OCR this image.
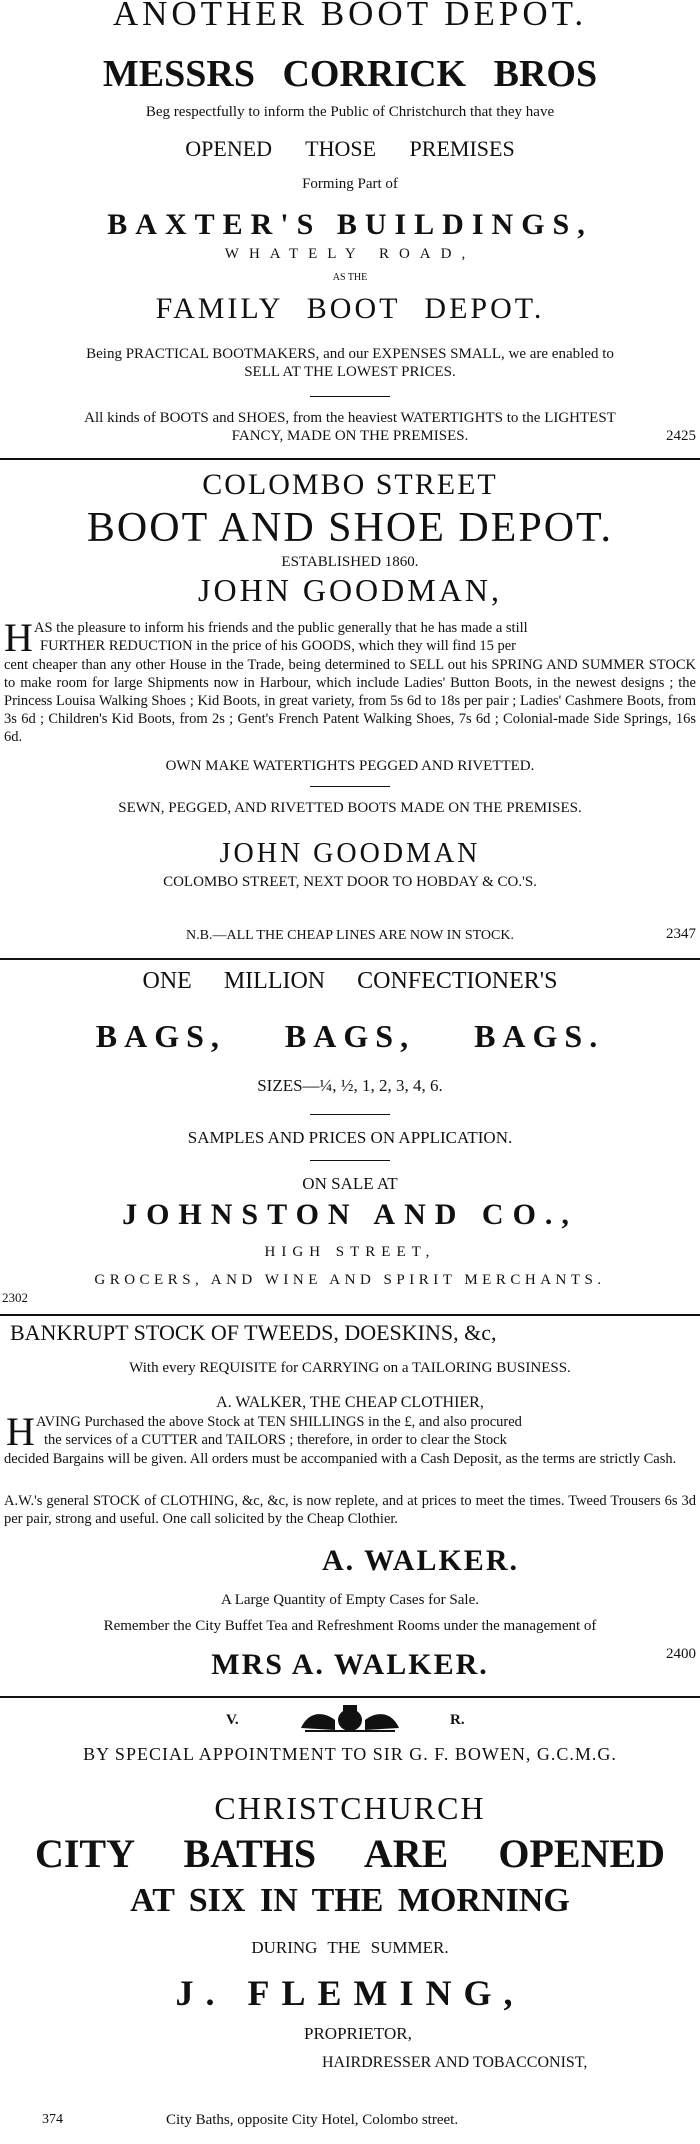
ANOTHER BOOT DEPOT.
MESSRS CORRICK BROS
Beg respectfully to inform the Public of Christchurch that they have
OPENED THOSE PREMISES
Forming Part of
BAXTER'S BUILDINGS,
WHATELY ROAD,
AS THE
FAMILY BOOT DEPOT.
Being PRACTICAL BOOTMAKERS, and our EXPENSES SMALL, we are enabled to
SELL AT THE LOWEST PRICES.
All kinds of BOOTS and SHOES, from the heaviest WATERTIGHTS to the LIGHTEST
FANCY, MADE ON THE PREMISES.	2425
COLOMBO STREET
BOOT AND SHOE DEPOT.
ESTABLISHED 1860.
JOHN GOODMAN,
H AS the pleasure to inform his friends and the public generally that he has made a still
FURTHER REDUCTION in the price of his GOODS, which they will find 15 per
cent cheaper than any other House in the Trade, being determined to SELL out his SPRING AND SUMMER STOCK to make room for large Shipments now in Harbour, which include Ladies' Button Boots, in the newest designs ; the Princess Louisa Walking Shoes ; Kid Boots, in great variety, from 5s 6d to 18s per pair ; Ladies' Cashmere Boots, from 3s 6d ; Children's Kid Boots, from 2s ; Gent's French Patent Walking Shoes, 7s 6d ; Colonial-made Side Springs, 16s 6d.
OWN MAKE WATERTIGHTS PEGGED AND RIVETTED.
SEWN, PEGGED, AND RIVETTED BOOTS MADE ON THE PREMISES.
JOHN GOODMAN
COLOMBO STREET, NEXT DOOR TO HOBDAY & CO.'S.
N.B.—ALL THE CHEAP LINES ARE NOW IN STOCK.	2347
ONE MILLION CONFECTIONER'S
BAGS, BAGS, BAGS.
SIZES—¼, ½, 1, 2, 3, 4, 6.
SAMPLES AND PRICES ON APPLICATION.
ON SALE AT
JOHNSTON AND CO.,
HIGH STREET,
GROCERS, AND WINE AND SPIRIT MERCHANTS.
2302
BANKRUPT STOCK OF TWEEDS, DOESKINS, &c,
With every REQUISITE for CARRYING on a TAILORING BUSINESS.
A. WALKER, THE CHEAP CLOTHIER,
H AVING Purchased the above Stock at TEN SHILLINGS in the £, and also procured
the services of a CUTTER and TAILORS ; therefore, in order to clear the Stock
decided Bargains will be given. All orders must be accompanied with a Cash Deposit, as the terms are strictly Cash.
A.W.'s general STOCK of CLOTHING, &c, &c, is now replete, and at prices to meet the times. Tweed Trousers 6s 3d per pair, strong and useful. One call solicited by the Cheap Clothier.
A. WALKER.
A Large Quantity of Empty Cases for Sale.
Remember the City Buffet Tea and Refreshment Rooms under the management of
MRS A. WALKER.	2400
V.	R.
BY SPECIAL APPOINTMENT TO SIR G. F. BOWEN, G.C.M.G.
CHRISTCHURCH
CITY BATHS ARE OPENED
AT SIX IN THE MORNING
DURING THE SUMMER.
J. FLEMING,
PROPRIETOR,
HAIRDRESSER AND TOBACCONIST,
374	City Baths, opposite City Hotel, Colombo street.
